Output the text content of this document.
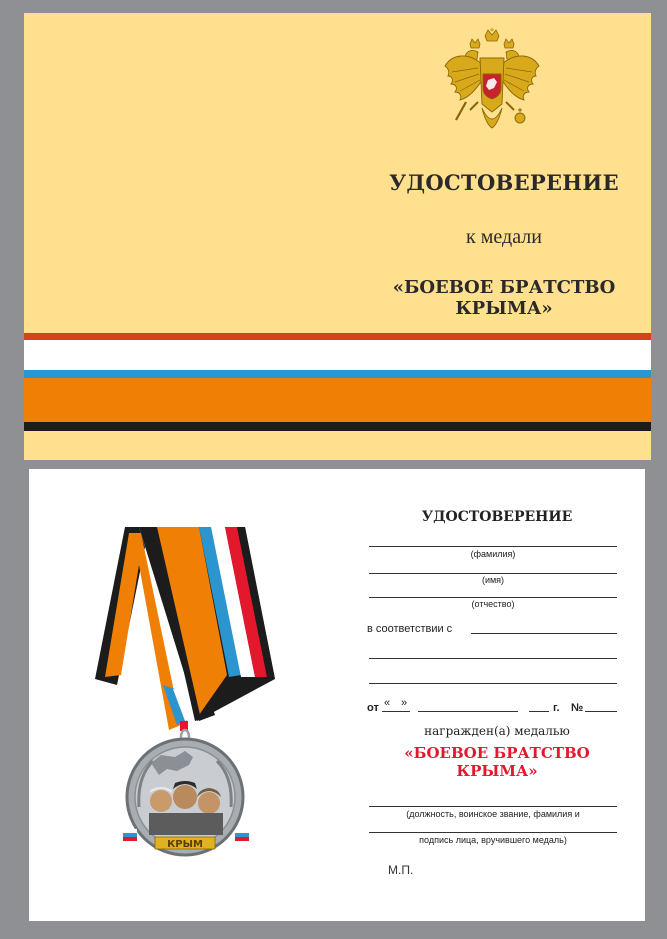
УДОСТОВЕРЕНИЕ
к медали
«БОЕВОЕ БРАТСТВО
КРЫМА»
КРЫМ
УДОСТОВЕРЕНИЕ
(фамилия)
(имя)
(отчество)
в соответствии с
от « »	г. №
награжден(а) медалью
«БОЕВОЕ БРАТСТВО
КРЫМА»
(должность, воинское звание, фамилия и
подпись лица, вручившего медаль)
М.П.
